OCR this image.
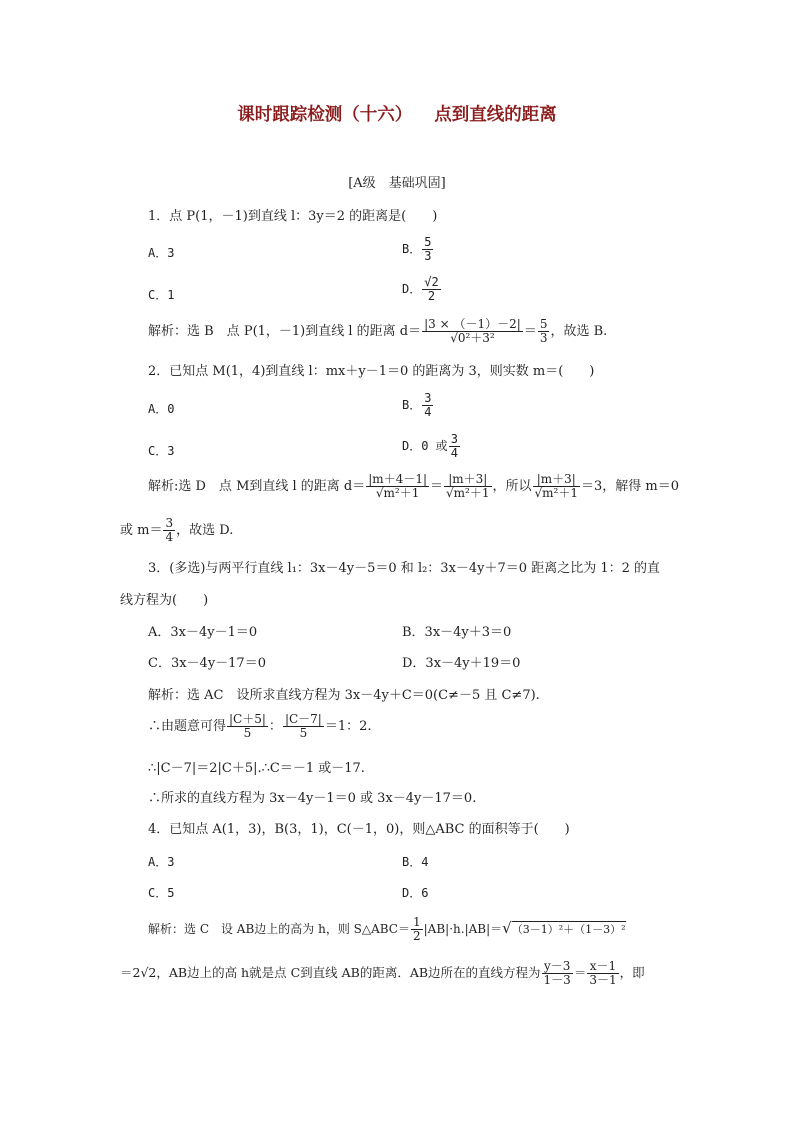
课时跟踪检测（十六） 点到直线的距离
[A级　基础巩固]
1．点 P(1，－1)到直线 l：3y＝2 的距离是(　　)
A．3	B． $\frac{5}{3}$
C．1	D． $\frac{√2}{2}$
解析：选 B　点 P(1，－1)到直线 l 的距离 $d= \frac{|3 \times (-1)-2|}{\text{√0²＋3²}} = \frac{5}{3}$ ，故选 B.
2．已知点 M(1，4)到直线 l：mx＋y－1＝0 的距离为 3，则实数 m＝(　　)
A．0	B． $\frac{3}{4}$
C．3	D．0 或 $\frac{3}{4}$
解析:选 D　点 M到直线 l 的距离 $d= \frac{|m+4-1|}{\text{√m²＋1}} = \frac{|m+3|}{\text{√m²＋1}}$ ，所以 $\frac{|m+3|}{\text{√m²＋1}} =3$，解得 m＝0
或 $m= \frac{3}{4}$ ，故选 D.
3．(多选)与两平行直线 l₁：3x－4y－5＝0 和 l₂：3x－4y＋7＝0 距离之比为 1：2 的直
线方程为(　　)
A．3x－4y－1＝0	B．3x－4y＋3＝0
C．3x－4y－17＝0	D．3x－4y＋19＝0
解析：选 AC　设所求直线方程为 3x－4y＋C＝0(C≠－5 且 C≠7).
∴由题意可得 $\frac{|C+5|}{5}$ ： $\frac{|C-7|}{5} =1$：2.
∴|C－7|＝2|C＋5|.∴C＝－1 或－17.
∴所求的直线方程为 3x－4y－1＝0 或 3x－4y－17＝0.
4．已知点 A(1，3)，B(3，1)，C(－1，0)，则△ABC 的面积等于(　　)
A．3	B．4
C．5	D．6
解析：选 C　设 AB边上的高为 h，则 S△ABC＝ $\frac{1}{2} |AB|\cdot h.|AB|=√(3-1)^2+(1-3)^2$
＝2√2，AB边上的高 h就是点 C到直线 AB的距离．AB边所在的直线方程为 $\frac{y-3}{1-3} = \frac{x-1}{3-1}$ ，即
